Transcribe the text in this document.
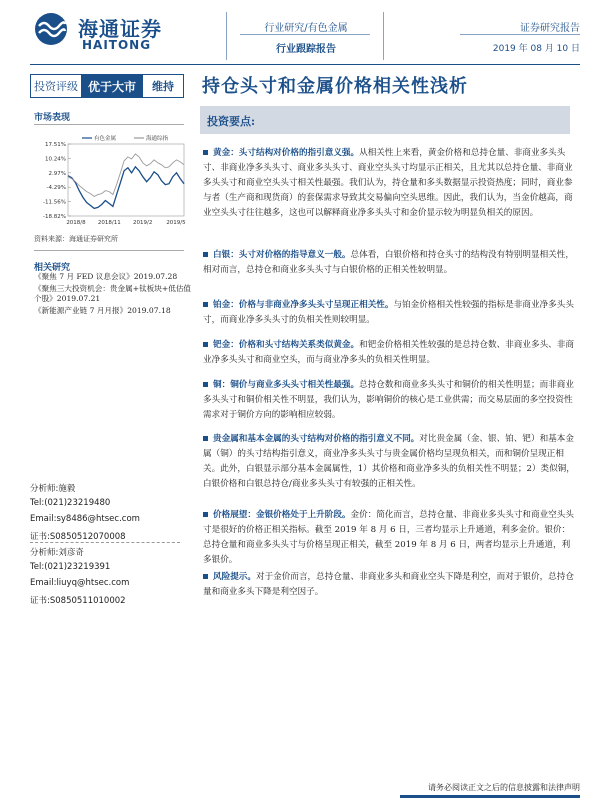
海通证券
HAITONG
行业研究/有色金属
行业跟踪报告
证券研究报告
2019 年 08 月 10 日
投资评级 优于大市	维持	持仓头寸和金属价格相关性浅析
市场表现
17.51%
10.24%
2.97%
-4.29%
-11.56%
-18.82%
2018/8 2018/11 2019/2	2019/5
有色金属	海通综指
资料来源：海通证券研究所
相关研究
《聚焦 7 月 FED 议息会议》2019.07.28
《聚焦三大投资机会：贵金属+钛板块+低估值个股》2019.07.21
《新能源产业链 7 月月报》2019.07.18
分析师:施毅
Tel:(021)23219480
Email:sy8486@htsec.com
证书:S0850512070008
分析师:刘彦奇
Tel:(021)23219391
Email:liuyq@htsec.com
证书:S0850511010002
投资要点:
黄金：头寸结构对价格的指引意义强。从相关性上来看，黄金价格和总持仓量、非商业多头头寸、非商业净多头头寸、商业多头头寸、商业空头头寸均显示正相关，且尤其以总持仓量、非商业多头头寸和商业空头头寸相关性最强。我们认为，持仓量和多头数据显示投资热度；同时，商业参与者（生产商和现货商）的套保需求导致其交易偏向空头思维。因此，我们认为，当金价越高，商业空头头寸往往越多，这也可以解释商业净多头头寸和金价显示较为明显负相关的原因。
白银：头寸对价格的指导意义一般。总体看，白银价格和持仓头寸的结构没有特别明显相关性，相对而言，总持仓和商业多头头寸与白银价格的正相关性较明显。
铂金：价格与非商业净多头头寸呈现正相关性。与铂金价格相关性较强的指标是非商业净多头头寸，而商业净多头头寸的负相关性则较明显。
钯金：价格和头寸结构关系类似黄金。和钯金价格相关性较强的是总持仓数、非商业多头、非商业净多头头寸和商业空头，而与商业净多头的负相关性明显。
铜：铜价与商业多头头寸相关性最强。总持仓数和商业多头头寸和铜价的相关性明显；而非商业多头头寸和铜价相关性不明显，我们认为，影响铜价的核心是工业供需；而交易层面的多空投资性需求对于铜价方向的影响相应较弱。
贵金属和基本金属的头寸结构对价格的指引意义不同。对比贵金属（金、银、铂、钯）和基本金属（铜）的头寸结构指引意义，商业净多头头寸与贵金属价格均呈现负相关，而和铜价呈现正相关。此外，白银显示部分基本金属属性，1）其价格和商业净多头的负相关性不明显；2）类似铜，白银价格和白银总持仓/商业多头头寸有较强的正相关性。
价格展望：金银价格处于上升阶段。金价：简化而言，总持仓量、非商业多头头寸和商业空头头寸是很好的价格正相关指标。截至 2019 年 8 月 6 日，三者均显示上升通道，利多金价。银价：总持仓量和商业多头头寸与价格呈现正相关，截至 2019 年 8 月 6 日，两者均显示上升通道，利多银价。
风险提示。对于金价而言，总持仓量、非商业多头和商业空头下降是利空，而对于银价，总持仓量和商业多头下降是利空因子。
请务必阅读正文之后的信息披露和法律声明
